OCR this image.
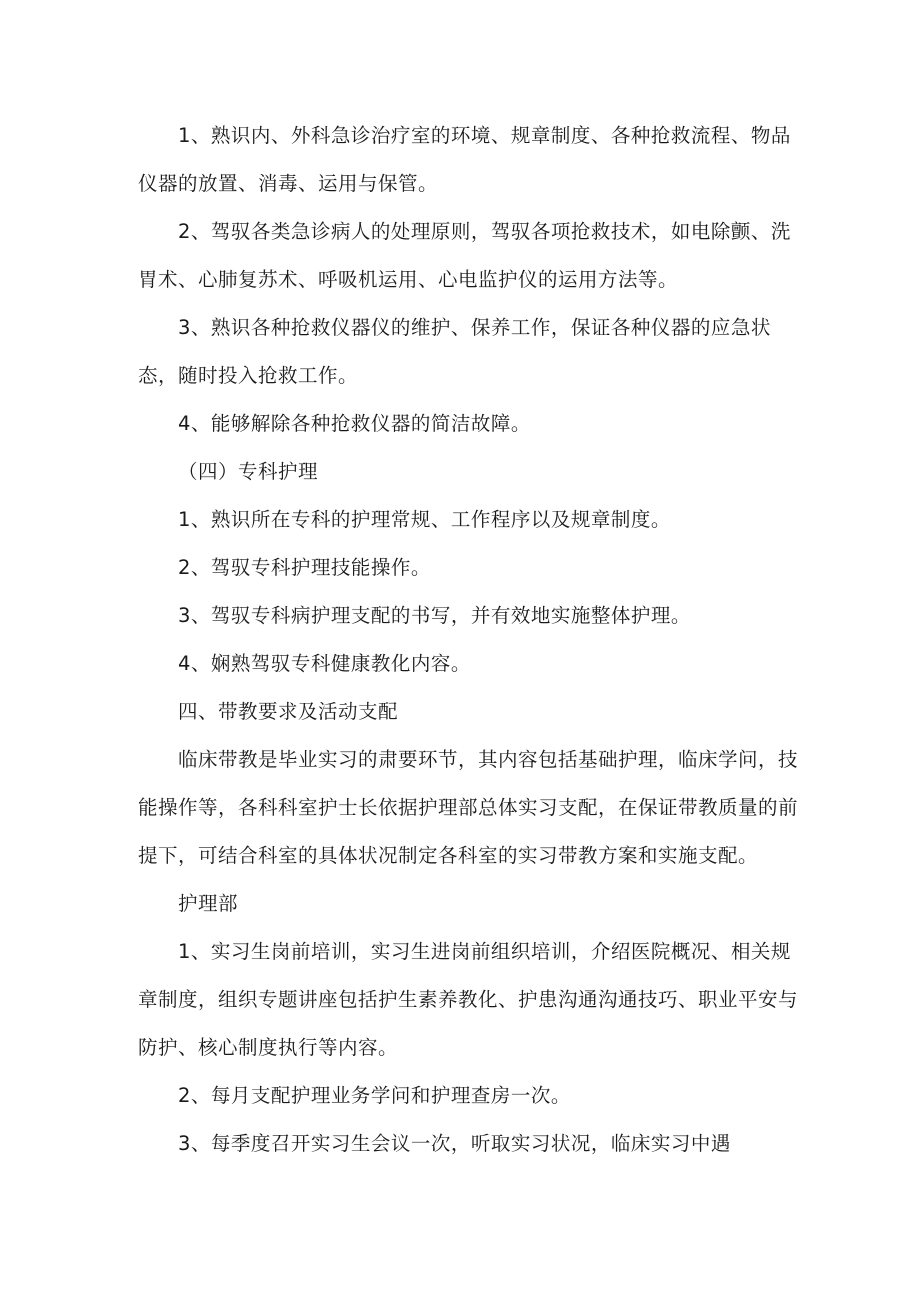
1、熟识内、外科急诊治疗室的环境、规章制度、各种抢救流程、物品仪器的放置、消毒、运用与保管。

2、驾驭各类急诊病人的处理原则，驾驭各项抢救技术，如电除颤、洗胃术、心肺复苏术、呼吸机运用、心电监护仪的运用方法等。

3、熟识各种抢救仪器仪的维护、保养工作，保证各种仪器的应急状态，随时投入抢救工作。

4、能够解除各种抢救仪器的简洁故障。

（四）专科护理

1、熟识所在专科的护理常规、工作程序以及规章制度。

2、驾驭专科护理技能操作。

3、驾驭专科病护理支配的书写，并有效地实施整体护理。

4、娴熟驾驭专科健康教化内容。

四、带教要求及活动支配

临床带教是毕业实习的肃要环节，其内容包括基础护理，临床学问，技能操作等，各科科室护士长依据护理部总体实习支配，在保证带教质量的前提下，可结合科室的具体状况制定各科室的实习带教方案和实施支配。

护理部

1、实习生岗前培训，实习生进岗前组织培训，介绍医院概况、相关规章制度，组织专题讲座包括护生素养教化、护患沟通沟通技巧、职业平安与防护、核心制度执行等内容。

2、每月支配护理业务学问和护理查房一次。

3、每季度召开实习生会议一次，听取实习状况，临床实习中遇
